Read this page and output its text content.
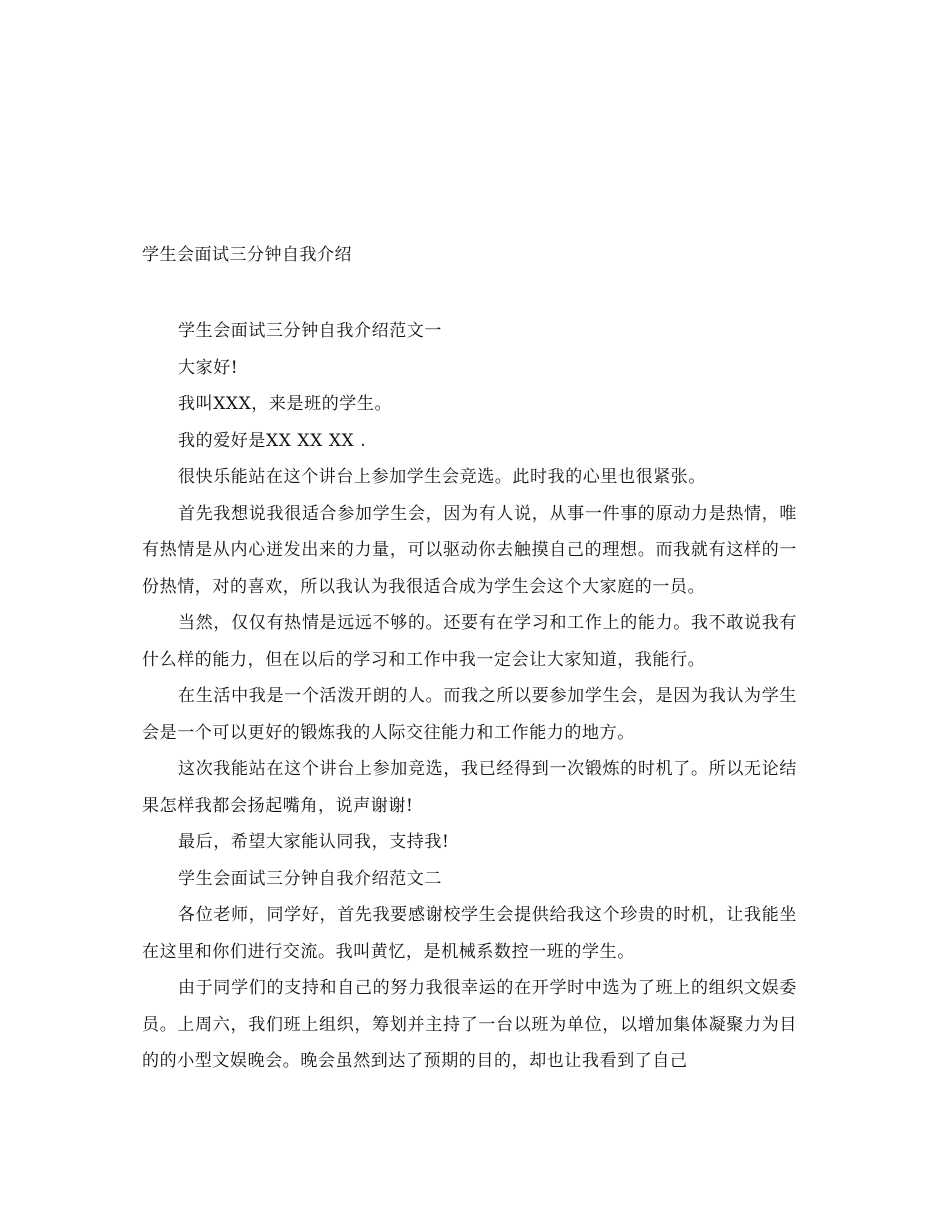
学生会面试三分钟自我介绍

学生会面试三分钟自我介绍范文一

大家好!

我叫XXX，来是班的学生。

我的爱好是XX XX XX .

很快乐能站在这个讲台上参加学生会竞选。此时我的心里也很紧张。

首先我想说我很适合参加学生会，因为有人说，从事一件事的原动力是热情，唯有热情是从内心迸发出来的力量，可以驱动你去触摸自己的理想。而我就有这样的一份热情，对的喜欢，所以我认为我很适合成为学生会这个大家庭的一员。

当然，仅仅有热情是远远不够的。还要有在学习和工作上的能力。我不敢说我有什么样的能力，但在以后的学习和工作中我一定会让大家知道，我能行。

在生活中我是一个活泼开朗的人。而我之所以要参加学生会，是因为我认为学生会是一个可以更好的锻炼我的人际交往能力和工作能力的地方。

这次我能站在这个讲台上参加竞选，我已经得到一次锻炼的时机了。所以无论结果怎样我都会扬起嘴角，说声谢谢!

最后，希望大家能认同我，支持我!

学生会面试三分钟自我介绍范文二

各位老师，同学好，首先我要感谢校学生会提供给我这个珍贵的时机，让我能坐在这里和你们进行交流。我叫黄忆，是机械系数控一班的学生。

由于同学们的支持和自己的努力我很幸运的在开学时中选为了班上的组织文娱委员。上周六，我们班上组织，筹划并主持了一台以班为单位，以增加集体凝聚力为目的的小型文娱晚会。晚会虽然到达了预期的目的，却也让我看到了自己
